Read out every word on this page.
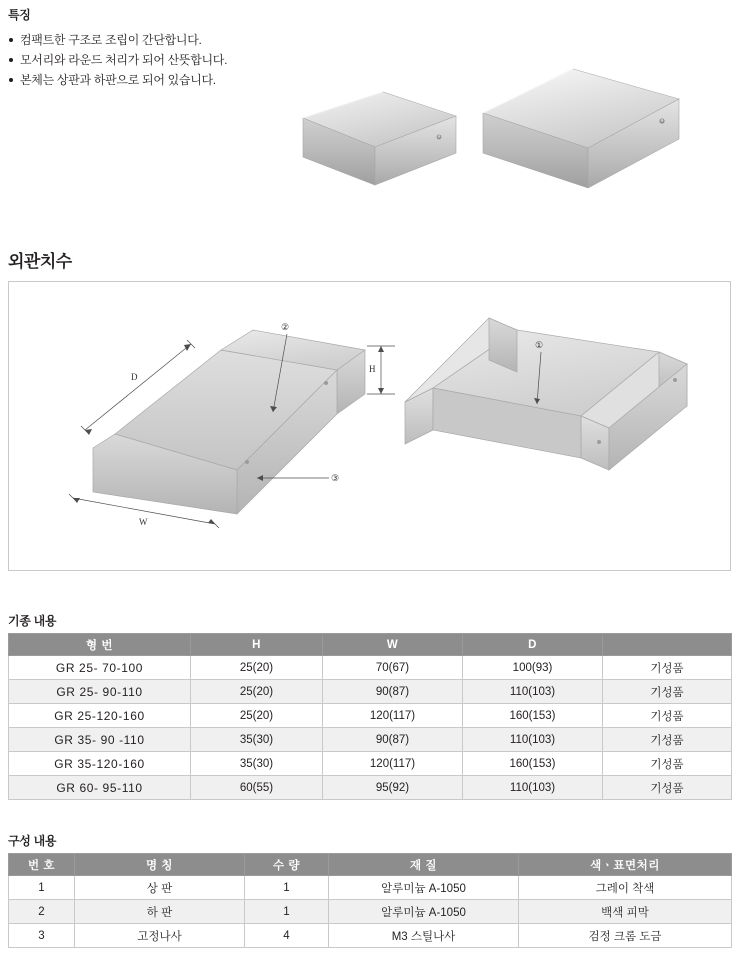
특징
컴팩트한 구조로 조립이 간단합니다.
모서리와 라운드 처리가 되어 산뜻합니다.
본체는 상판과 하판으로 되어 있습니다.
외관치수
D
W
②
③
H
①
기종 내용
형 번	H	W	D	
GR 25- 70-100	25(20)	70(67)	100(93)	기성품
GR 25- 90-110	25(20)	90(87)	110(103)	기성품
GR 25-120-160	25(20)	120(117)	160(153)	기성품
GR 35- 90 -110	35(30)	90(87)	110(103)	기성품
GR 35-120-160	35(30)	120(117)	160(153)	기성품
GR 60- 95-110	60(55)	95(92)	110(103)	기성품
구성 내용
번 호	명 칭	수 량	재 질	색ㆍ표면처리
1	상 판	1	알루미늄 A-1050	그레이 착색
2	하 판	1	알루미늄 A-1050	백색 피막
3	고정나사	4	M3 스틸나사	검정 크롬 도금
